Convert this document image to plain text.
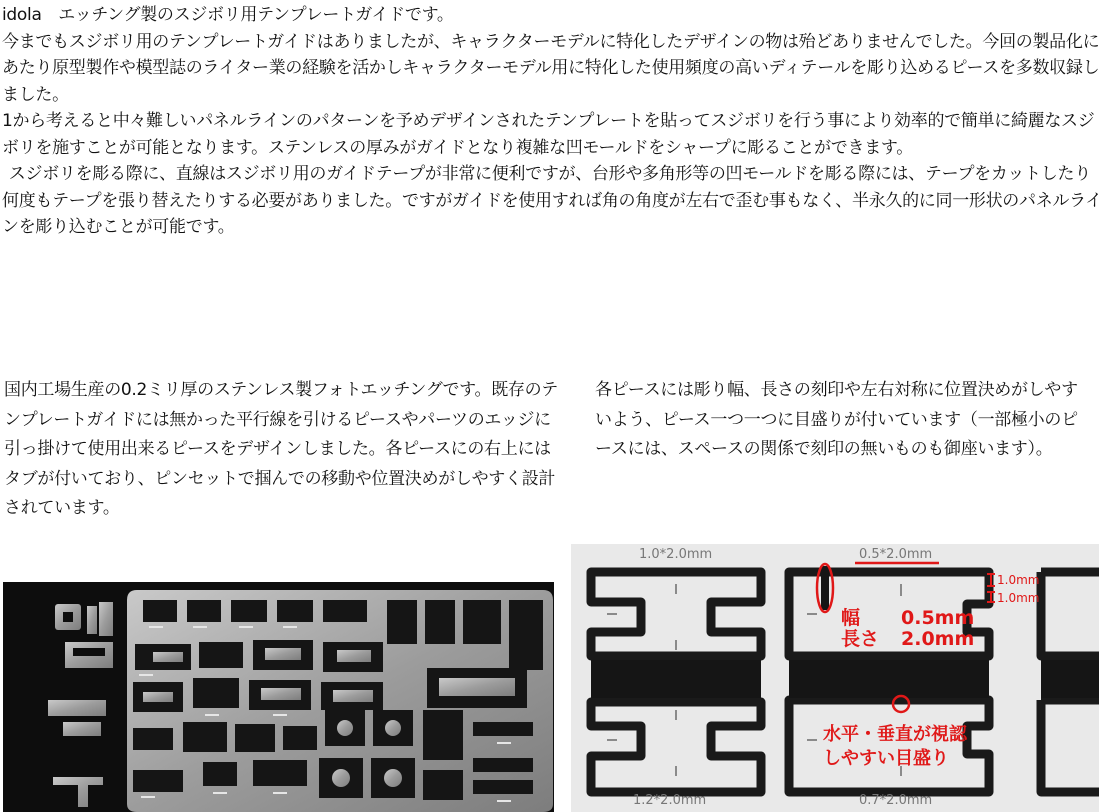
idola　エッチング製のスジボリ用テンプレートガイドです。

今までもスジボリ用のテンプレートガイドはありましたが、キャラクターモデルに特化したデザインの物は殆どありませんでした。今回の製品化にあたり原型製作や模型誌のライター業の経験を活かしキャラクターモデル用に特化した使用頻度の高いディテールを彫り込めるピースを多数収録しました。

1から考えると中々難しいパネルラインのパターンを予めデザインされたテンプレートを貼ってスジボリを行う事により効率的で簡単に綺麗なスジボリを施すことが可能となります。ステンレスの厚みがガイドとなり複雑な凹モールドをシャープに彫ることができます。

スジボリを彫る際に、直線はスジボリ用のガイドテープが非常に便利ですが、台形や多角形等の凹モールドを彫る際には、テープをカットしたり何度もテープを張り替えたりする必要がありました。ですがガイドを使用すれば角の角度が左右で歪む事もなく、半永久的に同一形状のパネルラインを彫り込むことが可能です。

国内工場生産の0.2ミリ厚のステンレス製フォトエッチングです。既存のテンプレートガイドには無かった平行線を引けるピースやパーツのエッジに引っ掛けて使用出来るピースをデザインしました。各ピースにの右上にはタブが付いており、ピンセットで掴んでの移動や位置決めがしやすく設計されています。
各ピースには彫り幅、長さの刻印や左右対称に位置決めがしやすいよう、ピース一つ一つに目盛りが付いています（一部極小のピースには、スペースの関係で刻印の無いものも御座います）。
1.0*2.0mm	0.5*2.0mm
1.2*2.0mm	0.7*2.0mm
幅 0.5mm
長さ 2.0mm
1.0mm
1.0mm
水平・垂直が視認
しやすい目盛り
